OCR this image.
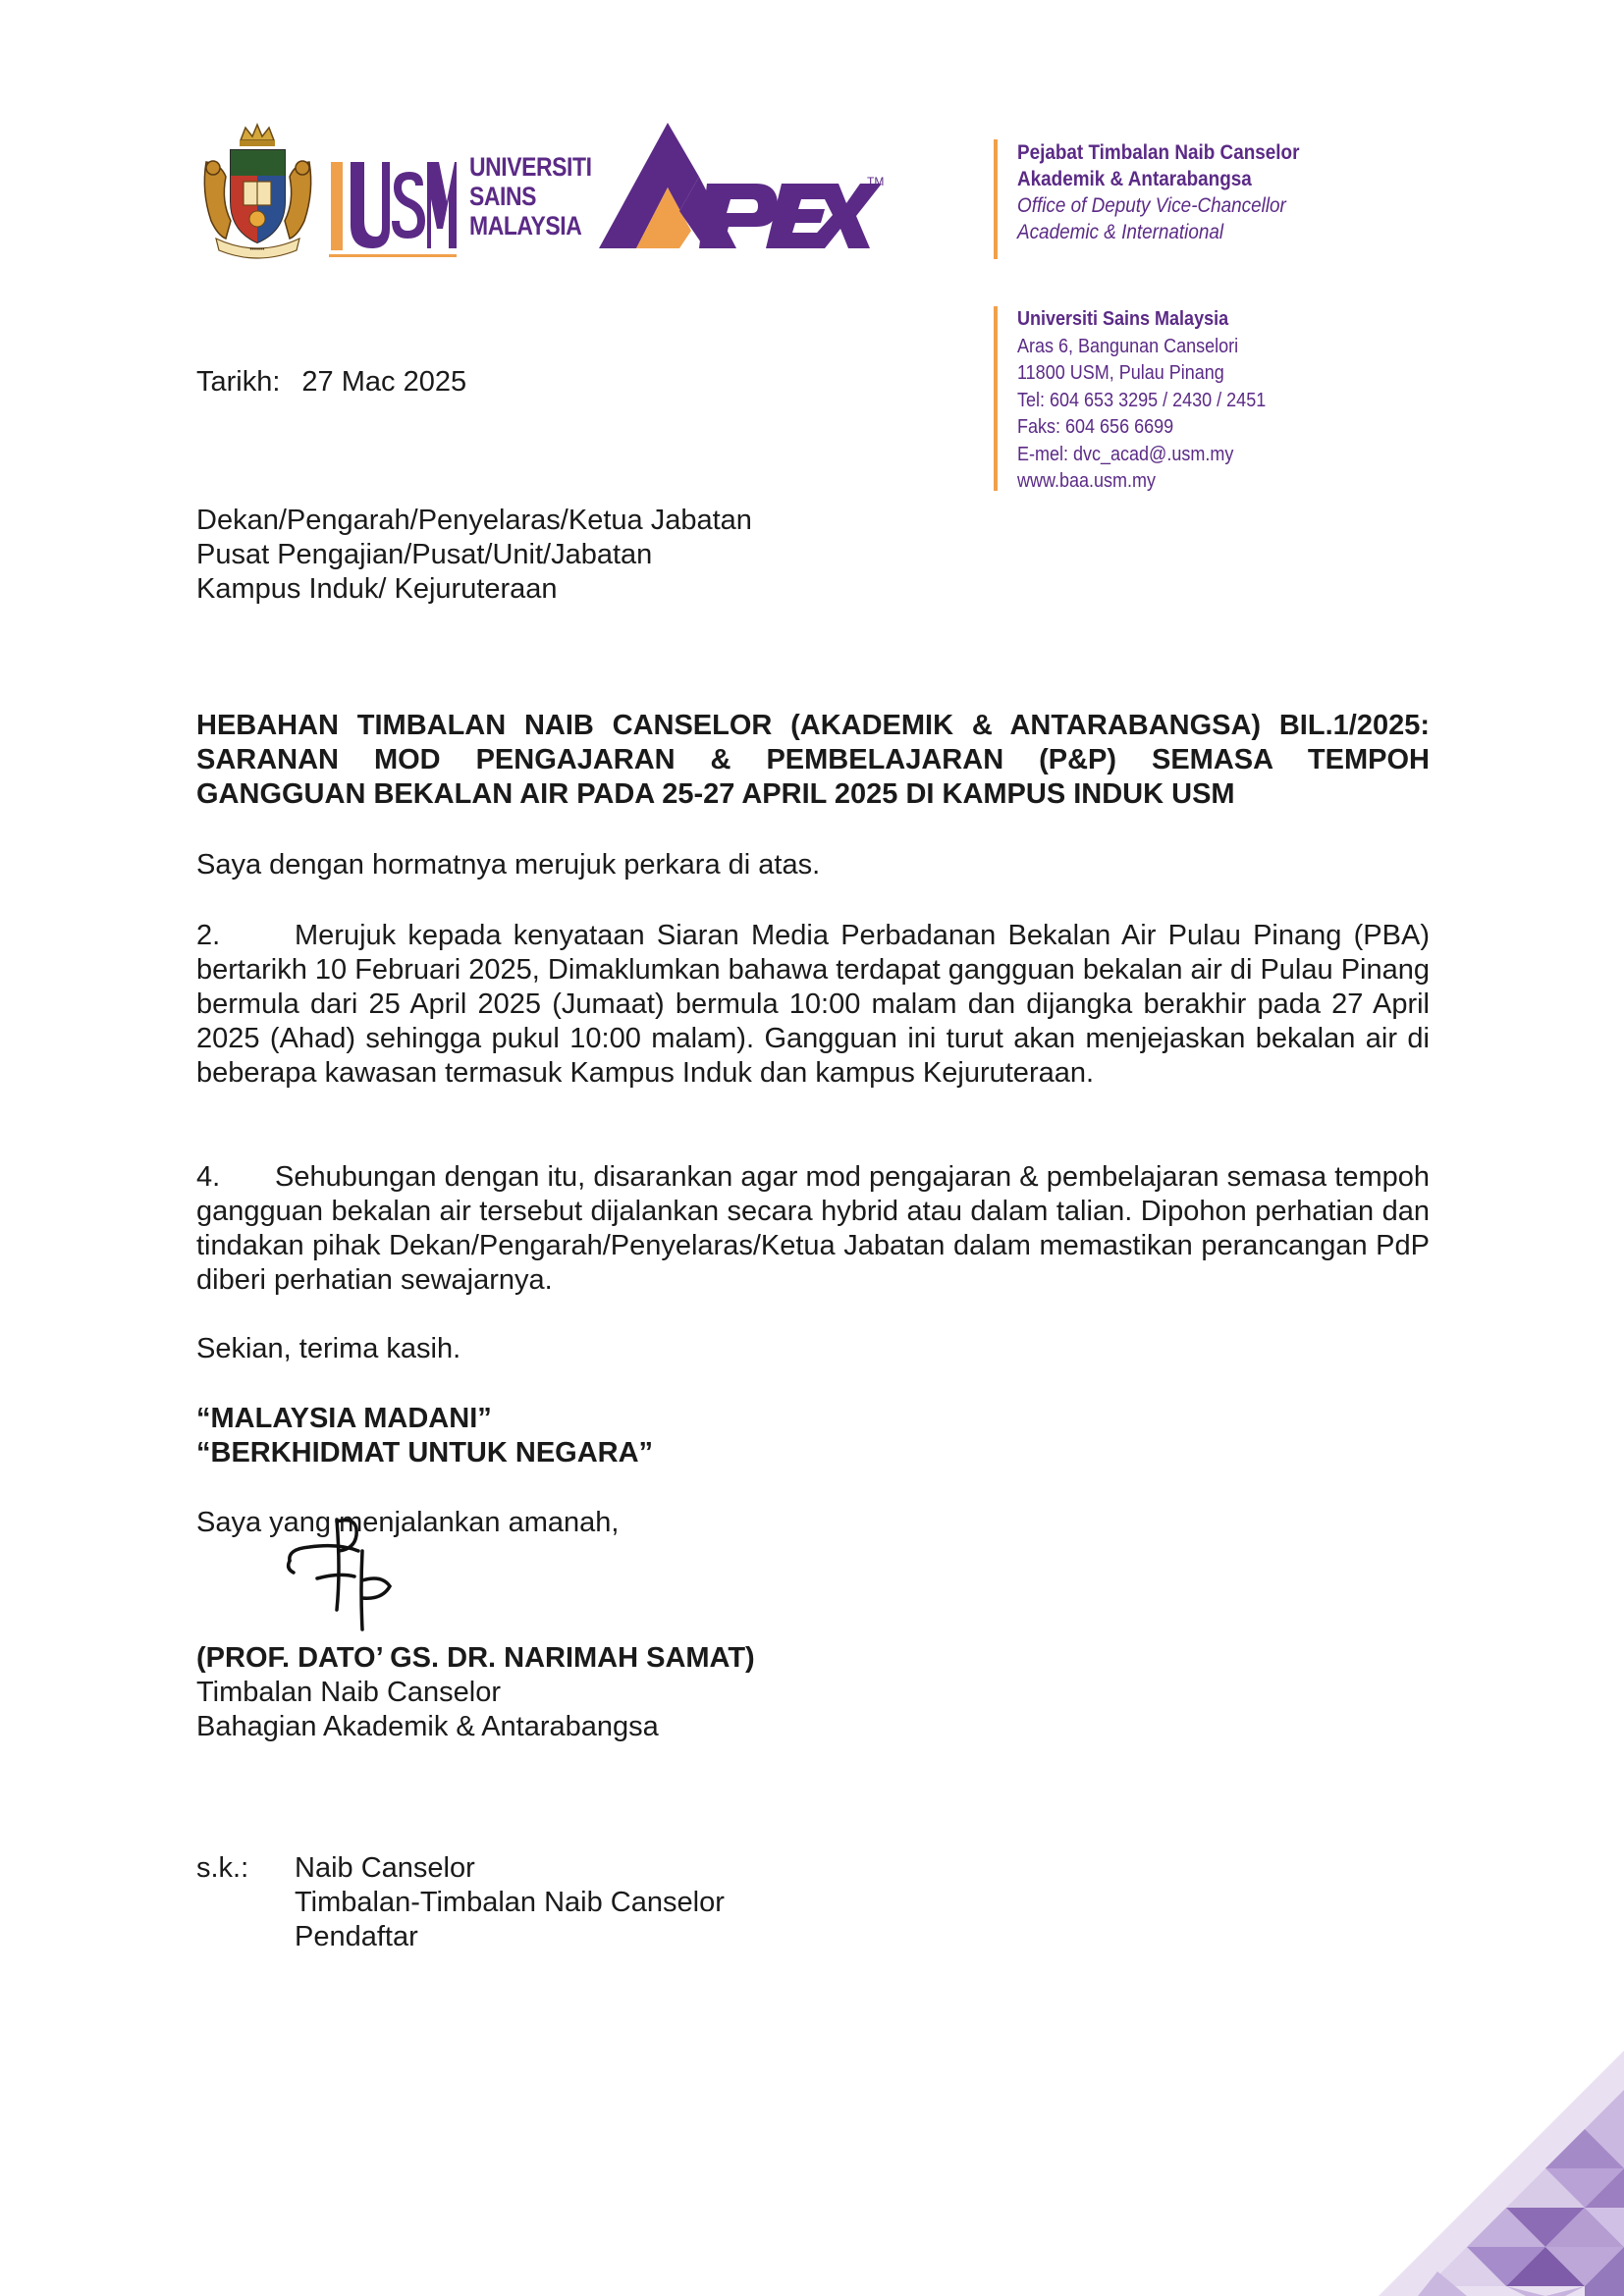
•••••••
UNIVERSITI
SAINS
MALAYSIA
TM
Pejabat Timbalan Naib Canselor
Akademik & Antarabangsa
Office of Deputy Vice-Chancellor
Academic & International
Universiti Sains Malaysia
Aras 6, Bangunan Canselori
11800 USM, Pulau Pinang
Tel: 604 653 3295 / 2430 / 2451
Faks: 604 656 6699
E-mel: dvc_acad@.usm.my
www.baa.usm.my
Tarikh: 27 Mac 2025
Dekan/Pengarah/Penyelaras/Ketua Jabatan
Pusat Pengajian/Pusat/Unit/Jabatan
Kampus Induk/ Kejuruteraan
HEBAHAN TIMBALAN NAIB CANSELOR (AKADEMIK & ANTARABANGSA) BIL.1/2025:
SARANAN MOD PENGAJARAN & PEMBELAJARAN (P&P) SEMASA TEMPOH
GANGGUAN BEKALAN AIR PADA 25-27 APRIL 2025 DI KAMPUS INDUK USM
Saya dengan hormatnya merujuk perkara di atas.
2.	Merujuk kepada kenyataan Siaran Media Perbadanan Bekalan Air Pulau Pinang (PBA) bertarikh 10 Februari 2025, Dimaklumkan bahawa terdapat gangguan bekalan air di Pulau Pinang bermula dari 25 April 2025 (Jumaat) bermula 10:00 malam dan dijangka berakhir pada 27 April 2025 (Ahad) sehingga pukul 10:00 malam). Gangguan ini turut akan menjejaskan bekalan air di beberapa kawasan termasuk Kampus Induk dan kampus Kejuruteraan.
4. Sehubungan dengan itu, disarankan agar mod pengajaran & pembelajaran semasa tempoh gangguan bekalan air tersebut dijalankan secara hybrid atau dalam talian. Dipohon perhatian dan tindakan pihak Dekan/Pengarah/Penyelaras/Ketua Jabatan dalam memastikan perancangan PdP diberi perhatian sewajarnya.
Sekian, terima kasih.
“MALAYSIA MADANI”
“BERKHIDMAT UNTUK NEGARA”
Saya yang menjalankan amanah,
(PROF. DATO’ GS. DR. NARIMAH SAMAT)
Timbalan Naib Canselor
Bahagian Akademik & Antarabangsa
s.k.: Naib Canselor
Timbalan-Timbalan Naib Canselor
Pendaftar
